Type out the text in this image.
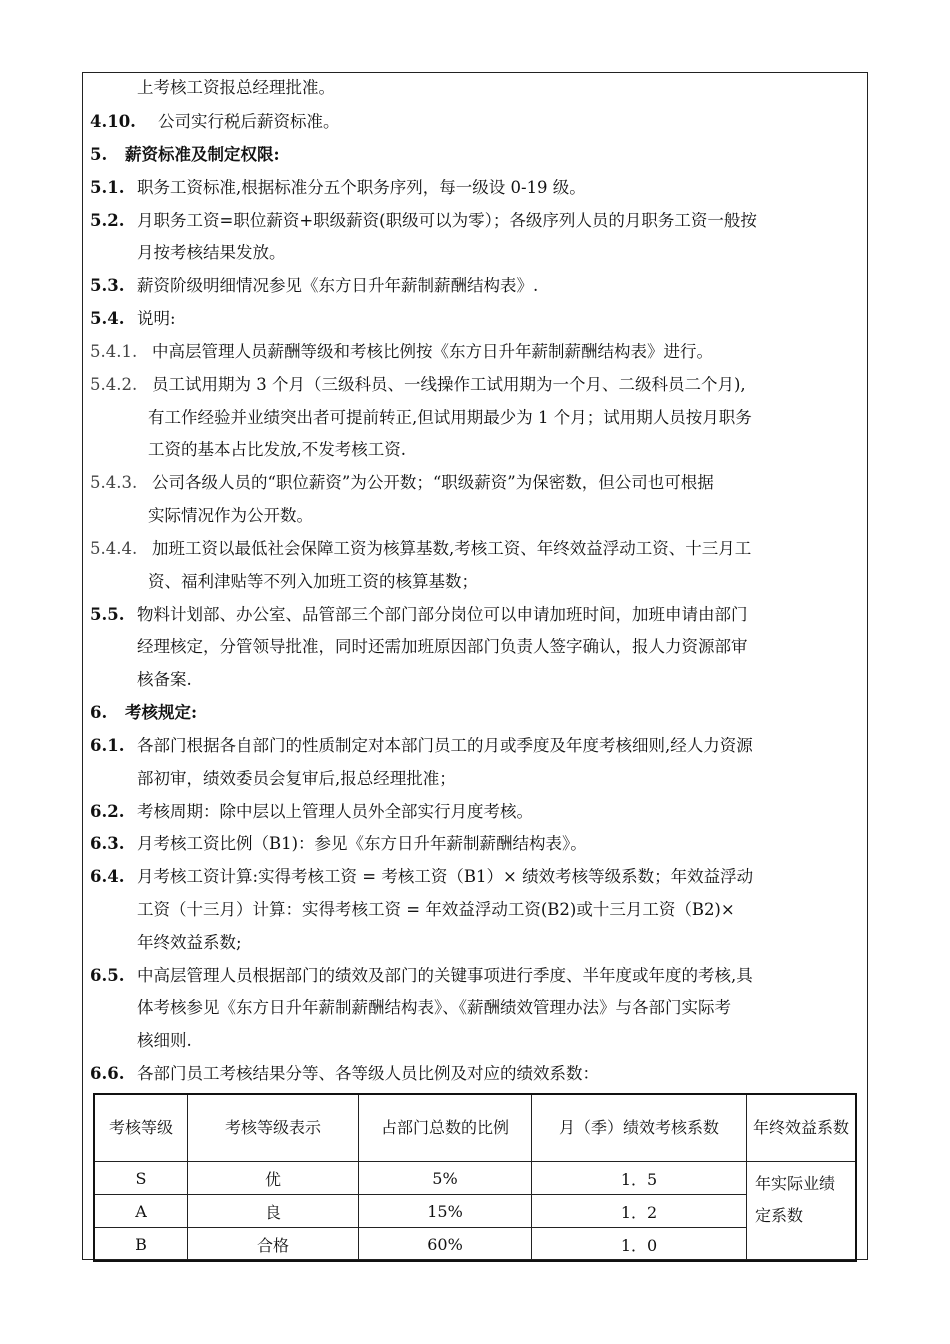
上考核工资报总经理批准。
4.10. 公司实行税后薪资标准。
5. 薪资标准及制定权限:
5.1. 职务工资标准,根据标准分五个职务序列，每一级设 0-19 级。
5.2. 月职务工资=职位薪资+职级薪资(职级可以为零）；各级序列人员的月职务工资一般按
月按考核结果发放。
5.3. 薪资阶级明细情况参见《东方日升年薪制薪酬结构表》.
5.4. 说明:
5.4.1. 中高层管理人员薪酬等级和考核比例按《东方日升年薪制薪酬结构表》进行。
5.4.2. 员工试用期为 3 个月（三级科员、一线操作工试用期为一个月、二级科员二个月),
有工作经验并业绩突出者可提前转正,但试用期最少为 1 个月；试用期人员按月职务
工资的基本占比发放,不发考核工资.
5.4.3. 公司各级人员的“职位薪资”为公开数；“职级薪资”为保密数，但公司也可根据
实际情况作为公开数。
5.4.4. 加班工资以最低社会保障工资为核算基数,考核工资、年终效益浮动工资、十三月工
资、福利津贴等不列入加班工资的核算基数；
5.5. 物料计划部、办公室、品管部三个部门部分岗位可以申请加班时间，加班申请由部门
经理核定，分管领导批准，同时还需加班原因部门负责人签字确认，报人力资源部审
核备案.
6. 考核规定:
6.1. 各部门根据各自部门的性质制定对本部门员工的月或季度及年度考核细则,经人力资源
部初审，绩效委员会复审后,报总经理批准；
6.2. 考核周期：除中层以上管理人员外全部实行月度考核。
6.3. 月考核工资比例（B1)：参见《东方日升年薪制薪酬结构表》。
6.4. 月考核工资计算:实得考核工资 = 考核工资（B1）× 绩效考核等级系数；年效益浮动
工资（十三月）计算：实得考核工资 = 年效益浮动工资(B2)或十三月工资（B2)×
年终效益系数;
6.5. 中高层管理人员根据部门的绩效及部门的关键事项进行季度、半年度或年度的考核,具
体考核参见《东方日升年薪制薪酬结构表》、《薪酬绩效管理办法》与各部门实际考
核细则.
6.6. 各部门员工考核结果分等、各等级人员比例及对应的绩效系数：
考核等级	考核等级表示	占部门总数的比例	月（季）绩效考核系数	年终效益系数
S	优	5%	1．5	年实际业绩定系数
A	良	15%	1．2	
B	合格	60%	1．0	
